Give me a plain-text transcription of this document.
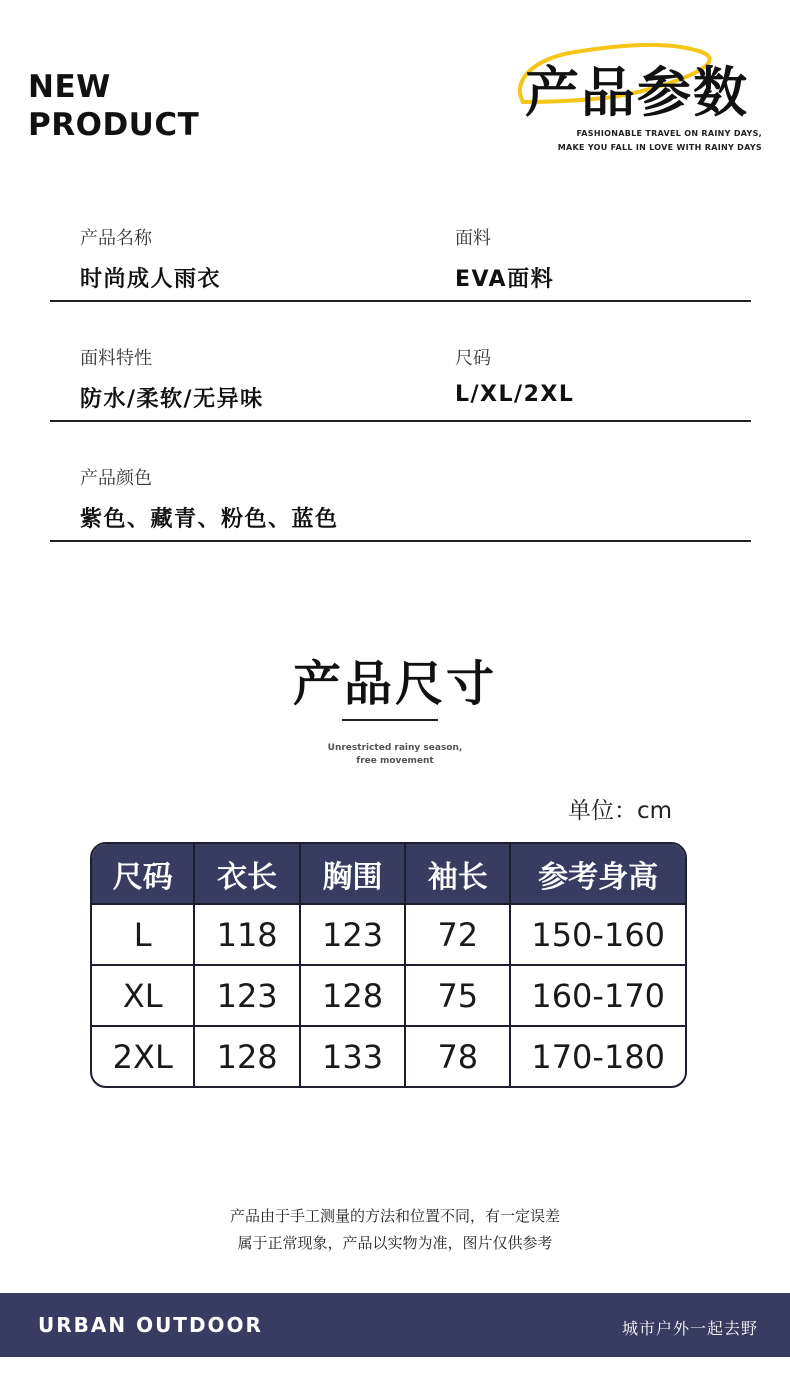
NEW
PRODUCT
产品参数
FASHIONABLE TRAVEL ON RAINY DAYS,
MAKE YOU FALL IN LOVE WITH RAINY DAYS
产品名称
时尚成人雨衣
面料
EVA面料
面料特性
防水/柔软/无异味
尺码
L/XL/2XL
产品颜色
紫色、藏青、粉色、蓝色
产品尺寸
Unrestricted rainy season,
free movement
单位：cm
尺码	衣长	胸围	袖长	参考身高
L	118	123	72	150-160
XL	123	128	75	160-170
2XL	128	133	78	170-180
产品由于手工测量的方法和位置不同，有一定误差
属于正常现象，产品以实物为准，图片仅供参考
URBAN OUTDOOR	城市户外一起去野
